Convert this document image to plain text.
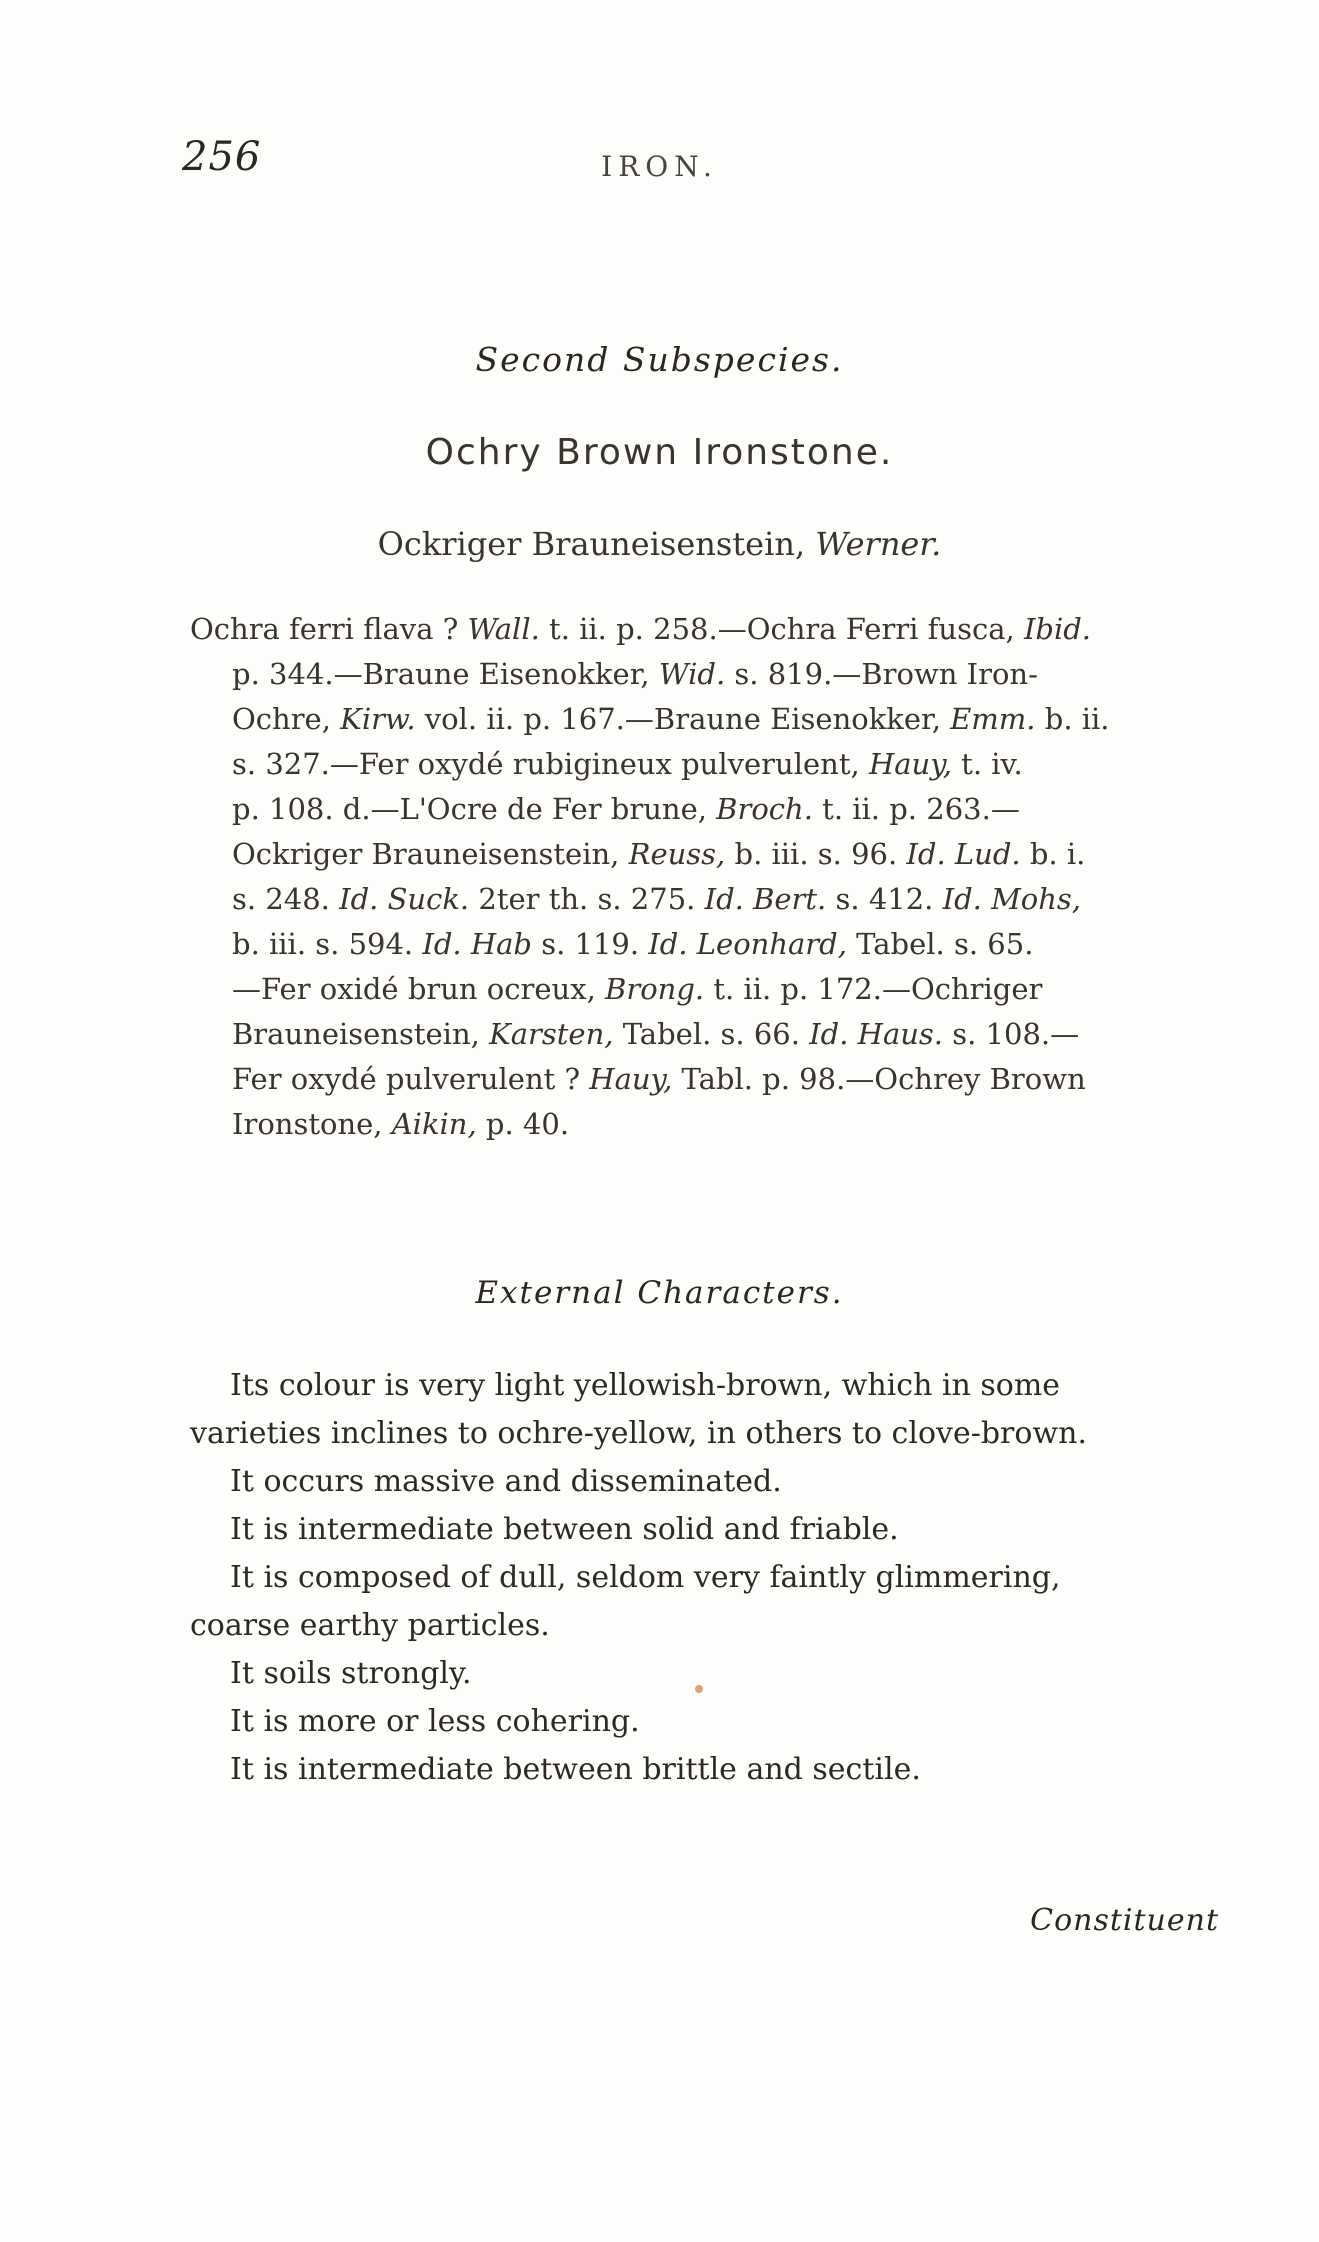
256	IRON.
Second Subspecies.
Ochry Brown Ironstone.
Ockriger Brauneisenstein, Werner.
Ochra ferri flava ? Wall. t. ii. p. 258.—Ochra Ferri fusca, Ibid.
p. 344.—Braune Eisenokker, Wid. s. 819.—Brown Iron-
Ochre, Kirw. vol. ii. p. 167.—Braune Eisenokker, Emm. b. ii.
s. 327.—Fer oxydé rubigineux pulverulent, Hauy, t. iv.
p. 108. d.—L'Ocre de Fer brune, Broch. t. ii. p. 263.—
Ockriger Brauneisenstein, Reuss, b. iii. s. 96. Id. Lud. b. i.
s. 248. Id. Suck. 2ter th. s. 275. Id. Bert. s. 412. Id. Mohs,
b. iii. s. 594. Id. Hab s. 119. Id. Leonhard, Tabel. s. 65.
—Fer oxidé brun ocreux, Brong. t. ii. p. 172.—Ochriger
Brauneisenstein, Karsten, Tabel. s. 66. Id. Haus. s. 108.—
Fer oxydé pulverulent ? Hauy, Tabl. p. 98.—Ochrey Brown
Ironstone, Aikin, p. 40.
External Characters.
Its colour is very light yellowish-brown, which in some
varieties inclines to ochre-yellow, in others to clove-brown.
It occurs massive and disseminated.
It is intermediate between solid and friable.
It is composed of dull, seldom very faintly glimmering,
coarse earthy particles.
It soils strongly.
It is more or less cohering.
It is intermediate between brittle and sectile.
Constituent
